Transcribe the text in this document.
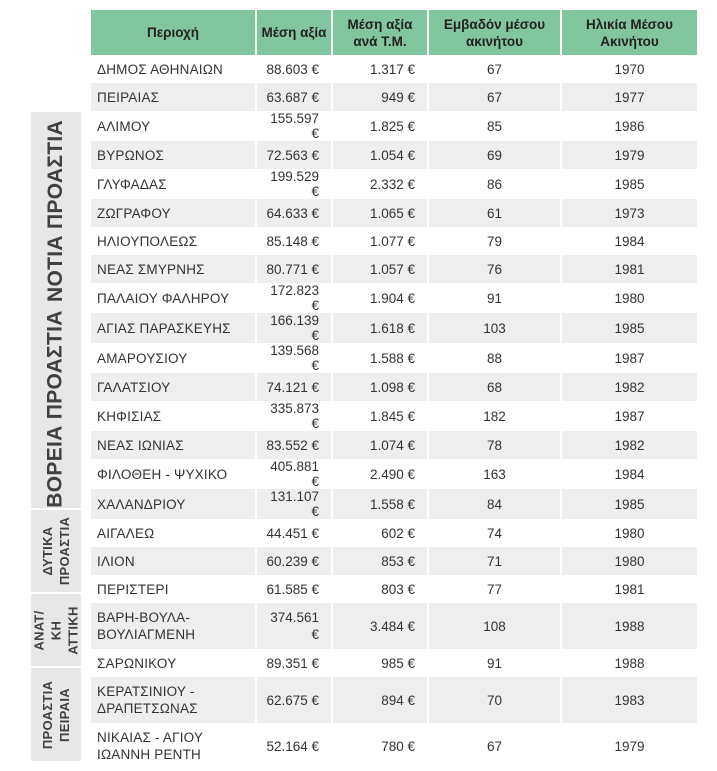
ΝΟΤΙΑ ΠΡΟΑΣΤΙΑ
ΒΟΡΕΙΑ ΠΡΟΑΣΤΙΑ
ΔΥΤΙΚΑ ΠΡΟΑΣΤΙΑ
ΑΝΑΤ/ΚΗ ΑΤΤΙΚΗ
ΠΡΟΑΣΤΙΑ ΠΕΙΡΑΙΑ
Περιοχή	Μέση αξία	Μέση αξία ανά Τ.Μ.	Εμβαδόν μέσου ακινήτου	Ηλικία Μέσου Ακινήτου
ΔΗΜΟΣ ΑΘΗΝΑΙΩΝ	88.603 €	1.317 €	67	1970
ΠΕΙΡΑΙΑΣ	63.687 €	949 €	67	1977
ΑΛΙΜΟΥ	155.597 €	1.825 €	85	1986
ΒΥΡΩΝΟΣ	72.563 €	1.054 €	69	1979
ΓΛΥΦΑΔΑΣ	199.529 €	2.332 €	86	1985
ΖΩΓΡΑΦΟΥ	64.633 €	1.065 €	61	1973
ΗΛΙΟΥΠΟΛΕΩΣ	85.148 €	1.077 €	79	1984
ΝΕΑΣ ΣΜΥΡΝΗΣ	80.771 €	1.057 €	76	1981
ΠΑΛΑΙΟΥ ΦΑΛΗΡΟΥ	172.823 €	1.904 €	91	1980
ΑΓΙΑΣ ΠΑΡΑΣΚΕΥΗΣ	166.139 €	1.618 €	103	1985
ΑΜΑΡΟΥΣΙΟΥ	139.568 €	1.588 €	88	1987
ΓΑΛΑΤΣΙΟΥ	74.121 €	1.098 €	68	1982
ΚΗΦΙΣΙΑΣ	335.873 €	1.845 €	182	1987
ΝΕΑΣ ΙΩΝΙΑΣ	83.552 €	1.074 €	78	1982
ΦΙΛΟΘΕΗ - ΨΥΧΙΚΟ	405.881 €	2.490 €	163	1984
ΧΑΛΑΝΔΡΙΟΥ	131.107 €	1.558 €	84	1985
ΑΙΓΑΛΕΩ	44.451 €	602 €	74	1980
ΙΛΙΟΝ	60.239 €	853 €	71	1980
ΠΕΡΙΣΤΕΡΙ	61.585 €	803 €	77	1981
ΒΑΡΗ-ΒΟΥΛΑ-ΒΟΥΛΙΑΓΜΕΝΗ	374.561 €	3.484 €	108	1988
ΣΑΡΩΝΙΚΟΥ	89.351 €	985 €	91	1988
ΚΕΡΑΤΣΙΝΙΟΥ - ΔΡΑΠΕΤΣΩΝΑΣ	62.675 €	894 €	70	1983
ΝΙΚΑΙΑΣ - ΑΓΙΟΥ ΙΩΑΝΝΗ ΡΕΝΤΗ	52.164 €	780 €	67	1979
